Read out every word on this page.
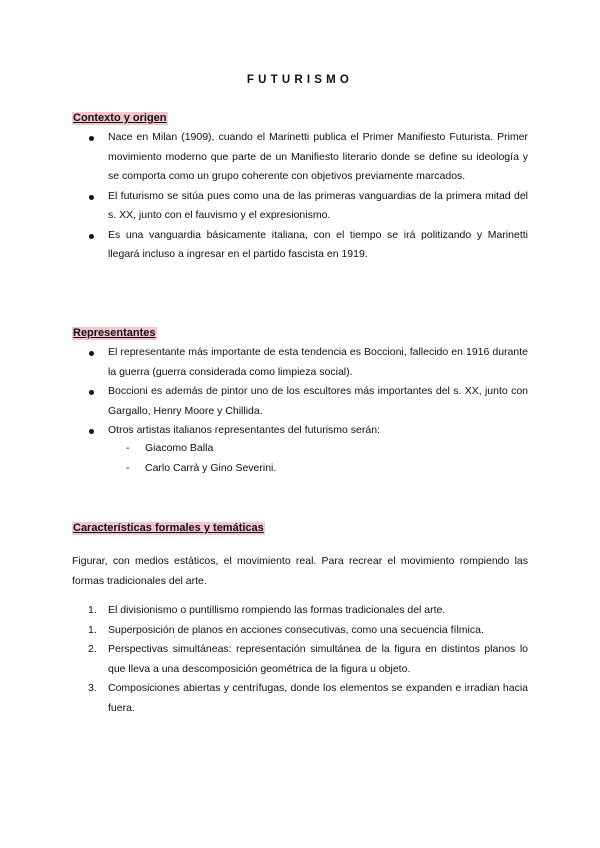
FUTURISMO
Contexto y origen
Nace en Milan (1909), cuando el Marinetti publica el Primer Manifiesto Futurista. Primer movimiento moderno que parte de un Manifiesto literario donde se define su ideología y se comporta como un grupo coherente con objetivos previamente marcados.
El futurismo se sitúa pues como una de las primeras vanguardias de la primera mitad del s. XX, junto con el fauvismo y el expresionismo.
Es una vanguardia básicamente italiana, con el tiempo se irá politizando y Marinetti llegará incluso a ingresar en el partido fascista en 1919.
Representantes
El representante más importante de esta tendencia es Boccioni, fallecido en 1916 durante la guerra (guerra considerada como limpieza social).
Boccioni es además de pintor uno de los escultores más importantes del s. XX, junto con Gargallo, Henry Moore y Chillida.
Otros artistas italianos representantes del futurismo serán:
- Giacomo Balla
- Carlo Carrà y Gino Severini.
Características formales y temáticas

Figurar, con medios estáticos, el movimiento real. Para recrear el movimiento rompiendo las formas tradicionales del arte.

1. El divisionismo o puntillismo rompiendo las formas tradicionales del arte.
1. Superposición de planos en acciones consecutivas, como una secuencia fílmica.
2. Perspectivas simultáneas: representación simultánea de la figura en distintos planos lo que lleva a una descomposición geométrica de la figura u objeto.
3. Composiciones abiertas y centrífugas, donde los elementos se expanden e irradian hacia fuera.
